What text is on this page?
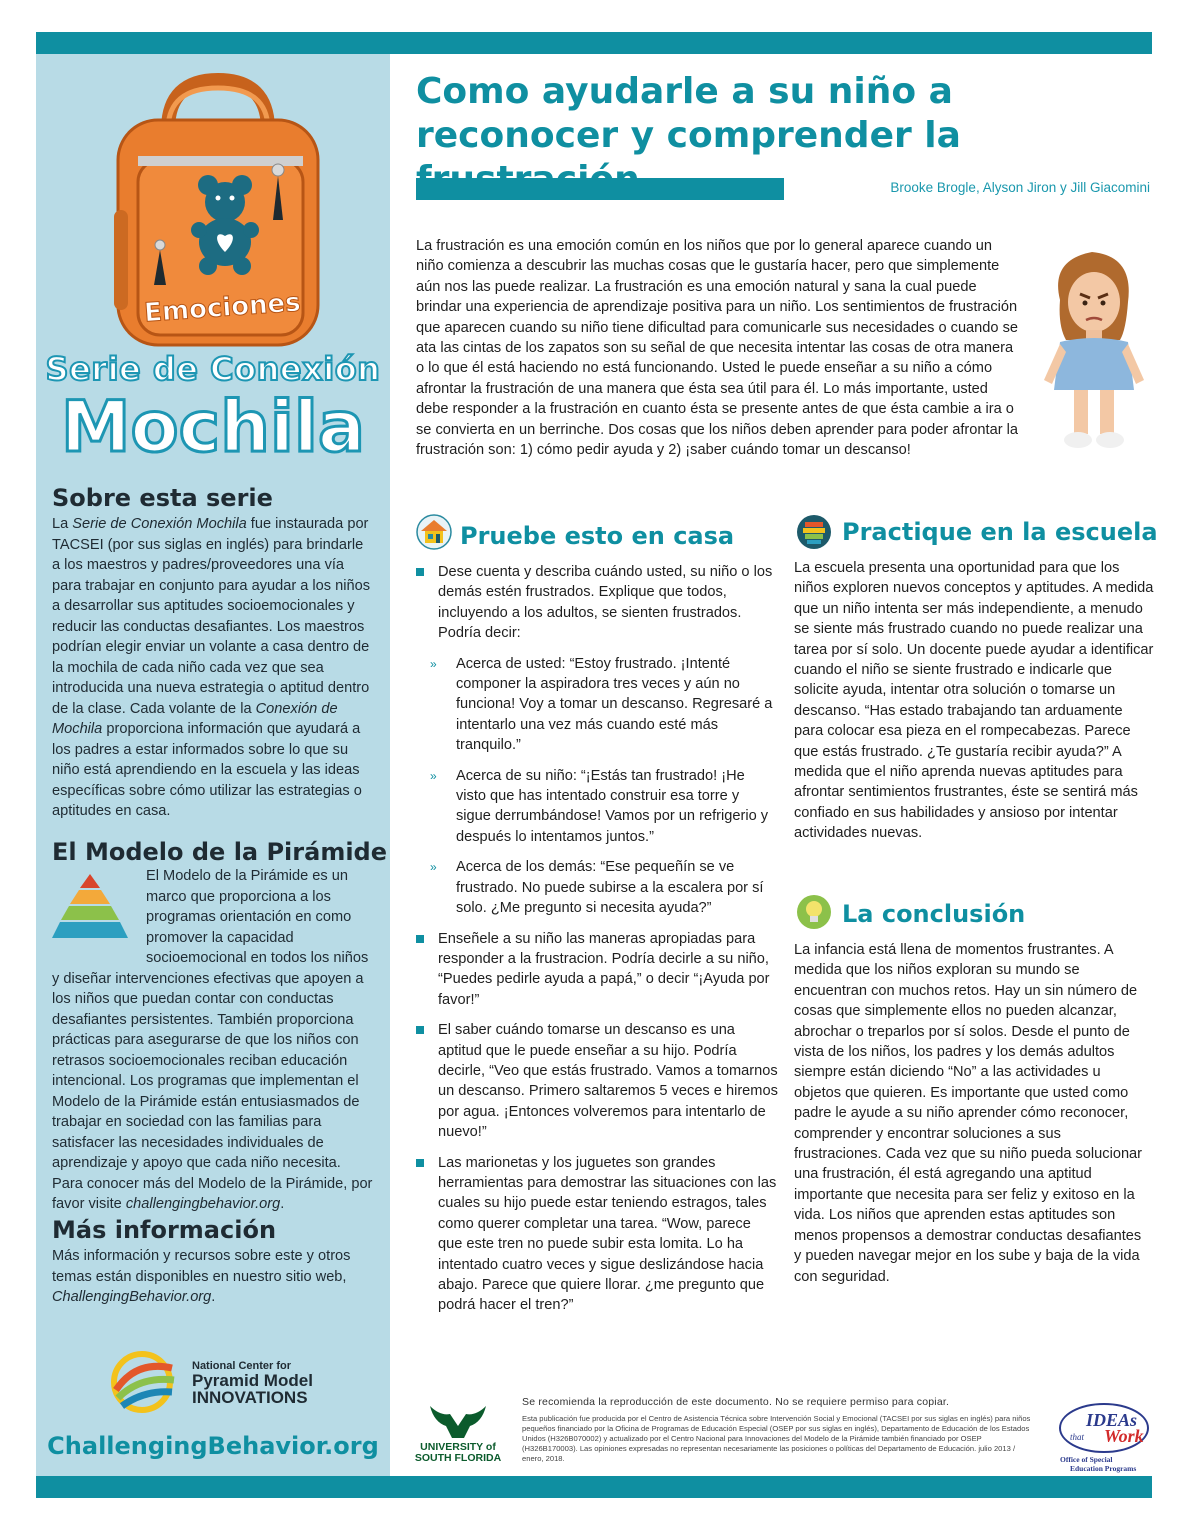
Emociones
Serie de Conexión
Mochila
Sobre esta serie
La Serie de Conexión Mochila fue instaurada por TACSEI (por sus siglas en inglés) para brindarle a los maestros y padres/proveedores una vía para trabajar en conjunto para ayudar a los niños a desarrollar sus aptitudes socioemocionales y reducir las conductas desafiantes. Los maestros podrían elegir enviar un volante a casa dentro de la mochila de cada niño cada vez que sea introducida una nueva estrategia o aptitud dentro de la clase. Cada volante de la Conexión de Mochila proporciona información que ayudará a los padres a estar informados sobre lo que su niño está aprendiendo en la escuela y las ideas específicas sobre cómo utilizar las estrategias o aptitudes en casa.
El Modelo de la Pirámide
El Modelo de la Pirámide es un marco que proporciona a los programas orientación en como promover la capacidad socioemocional en todos los niños y diseñar intervenciones efectivas que apoyen a los niños que puedan contar con conductas desafiantes persistentes. También proporciona prácticas para asegurarse de que los niños con retrasos socioemocionales reciban educación intencional. Los programas que implementan el Modelo de la Pirámide están entusiasmados de trabajar en sociedad con las familias para satisfacer las necesidades individuales de aprendizaje y apoyo que cada niño necesita. Para conocer más del Modelo de la Pirámide, por favor visite challengingbehavior.org.
Más información
Más información y recursos sobre este y otros temas están disponibles en nuestro sitio web, ChallengingBehavior.org.
National Center for
Pyramid Model
INNOVATIONS
ChallengingBehavior.org
Como ayudarle a su niño a reconocer y comprender la
Brooke Brogle, Alyson Jiron y Jill Giacomini
La frustración es una emoción común en los niños que por lo general aparece cuando un niño comienza a descubrir las muchas cosas que le gustaría hacer, pero que simplemente aún nos las puede realizar. La frustración es una emoción natural y sana la cual puede brindar una experiencia de aprendizaje positiva para un niño. Los sentimientos de frustración que aparecen cuando su niño tiene dificultad para comunicarle sus necesidades o cuando se ata las cintas de los zapatos son su señal de que necesita intentar las cosas de otra manera o lo que él está haciendo no está funcionando. Usted le puede enseñar a su niño a cómo afrontar la frustración de una manera que ésta sea útil para él. Lo más importante, usted debe responder a la frustración en cuanto ésta se presente antes de que ésta cambie a ira o se convierta en un berrinche. Dos cosas que los niños deben aprender para poder afrontar la frustración son: 1) cómo pedir ayuda y 2) ¡saber cuándo tomar un descanso!
Pruebe esto en casa
Dese cuenta y describa cuándo usted, su niño o los demás estén frustrados. Explique que todos, incluyendo a los adultos, se sienten frustrados. Podría decir:
» Acerca de usted: “Estoy frustrado. ¡Intenté componer la aspiradora tres veces y aún no funciona! Voy a tomar un descanso. Regresaré a intentarlo una vez más cuando esté más tranquilo.”
» Acerca de su niño: “¡Estás tan frustrado! ¡He visto que has intentado construir esa torre y sigue derrumbándose! Vamos por un refrigerio y después lo intentamos juntos.”
» Acerca de los demás: “Ese pequeñín se ve frustrado. No puede subirse a la escalera por sí solo. ¿Me pregunto si necesita ayuda?”
Enseñele a su niño las maneras apropiadas para responder a la frustracion. Podría decirle a su niño, “Puedes pedirle ayuda a papá,” o decir “¡Ayuda por favor!”
El saber cuándo tomarse un descanso es una aptitud que le puede enseñar a su hijo. Podría decirle, “Veo que estás frustrado. Vamos a tomarnos un descanso. Primero saltaremos 5 veces e hiremos por agua. ¡Entonces volveremos para intentarlo de nuevo!”
Las marionetas y los juguetes son grandes herramientas para demostrar las situaciones con las cuales su hijo puede estar teniendo estragos, tales como querer completar una tarea. “Wow, parece que este tren no puede subir esta lomita. Lo ha intentado cuatro veces y sigue deslizándose hacia abajo. Parece que quiere llorar. ¿me pregunto que podrá hacer el tren?”
Practique en la escuela
La escuela presenta una oportunidad para que los niños exploren nuevos conceptos y aptitudes. A medida que un niño intenta ser más independiente, a menudo se siente más frustrado cuando no puede realizar una tarea por sí solo. Un docente puede ayudar a identificar cuando el niño se siente frustrado e indicarle que solicite ayuda, intentar otra solución o tomarse un descanso. “Has estado trabajando tan arduamente para colocar esa pieza en el rompecabezas. Parece que estás frustrado. ¿Te gustaría recibir ayuda?” A medida que el niño aprenda nuevas aptitudes para afrontar sentimientos frustrantes, éste se sentirá más confiado en sus habilidades y ansioso por intentar actividades nuevas.
La conclusión
La infancia está llena de momentos frustrantes. A medida que los niños exploran su mundo se encuentran con muchos retos. Hay un sin número de cosas que simplemente ellos no pueden alcanzar, abrochar o treparlos por sí solos. Desde el punto de vista de los niños, los padres y los demás adultos siempre están diciendo “No” a las actividades u objetos que quieren. Es importante que usted como padre le ayude a su niño aprender cómo reconocer, comprender y encontrar soluciones a sus frustraciones. Cada vez que su niño pueda solucionar una frustración, él está agregando una aptitud importante que necesita para ser feliz y exitoso en la vida. Los niños que aprenden estas aptitudes son menos propensos a demostrar conductas desafiantes y pueden navegar mejor en los sube y baja de la vida con seguridad.
UNIVERSITY of
SOUTH FLORIDA
Se recomienda la reproducción de este documento. No se requiere permiso para copiar.
Esta publicación fue producida por el Centro de Asistencia Técnica sobre Intervención Social y Emocional (TACSEI por sus siglas en inglés) para niños pequeños financiado por la Oficina de Programas de Educación Especial (OSEP por sus siglas en inglés), Departamento de Educación de los Estados Unidos (H326B070002) y actualizado por el Centro Nacional para Innovaciones del Modelo de la Pirámide también financiado por OSEP (H326B170003). Las opiniones expresadas no representan necesariamente las posiciones o políticas del Departamento de Educación. julio 2013 / enero, 2018.
IDEAs
that Work
Office of Special
Education Programs
